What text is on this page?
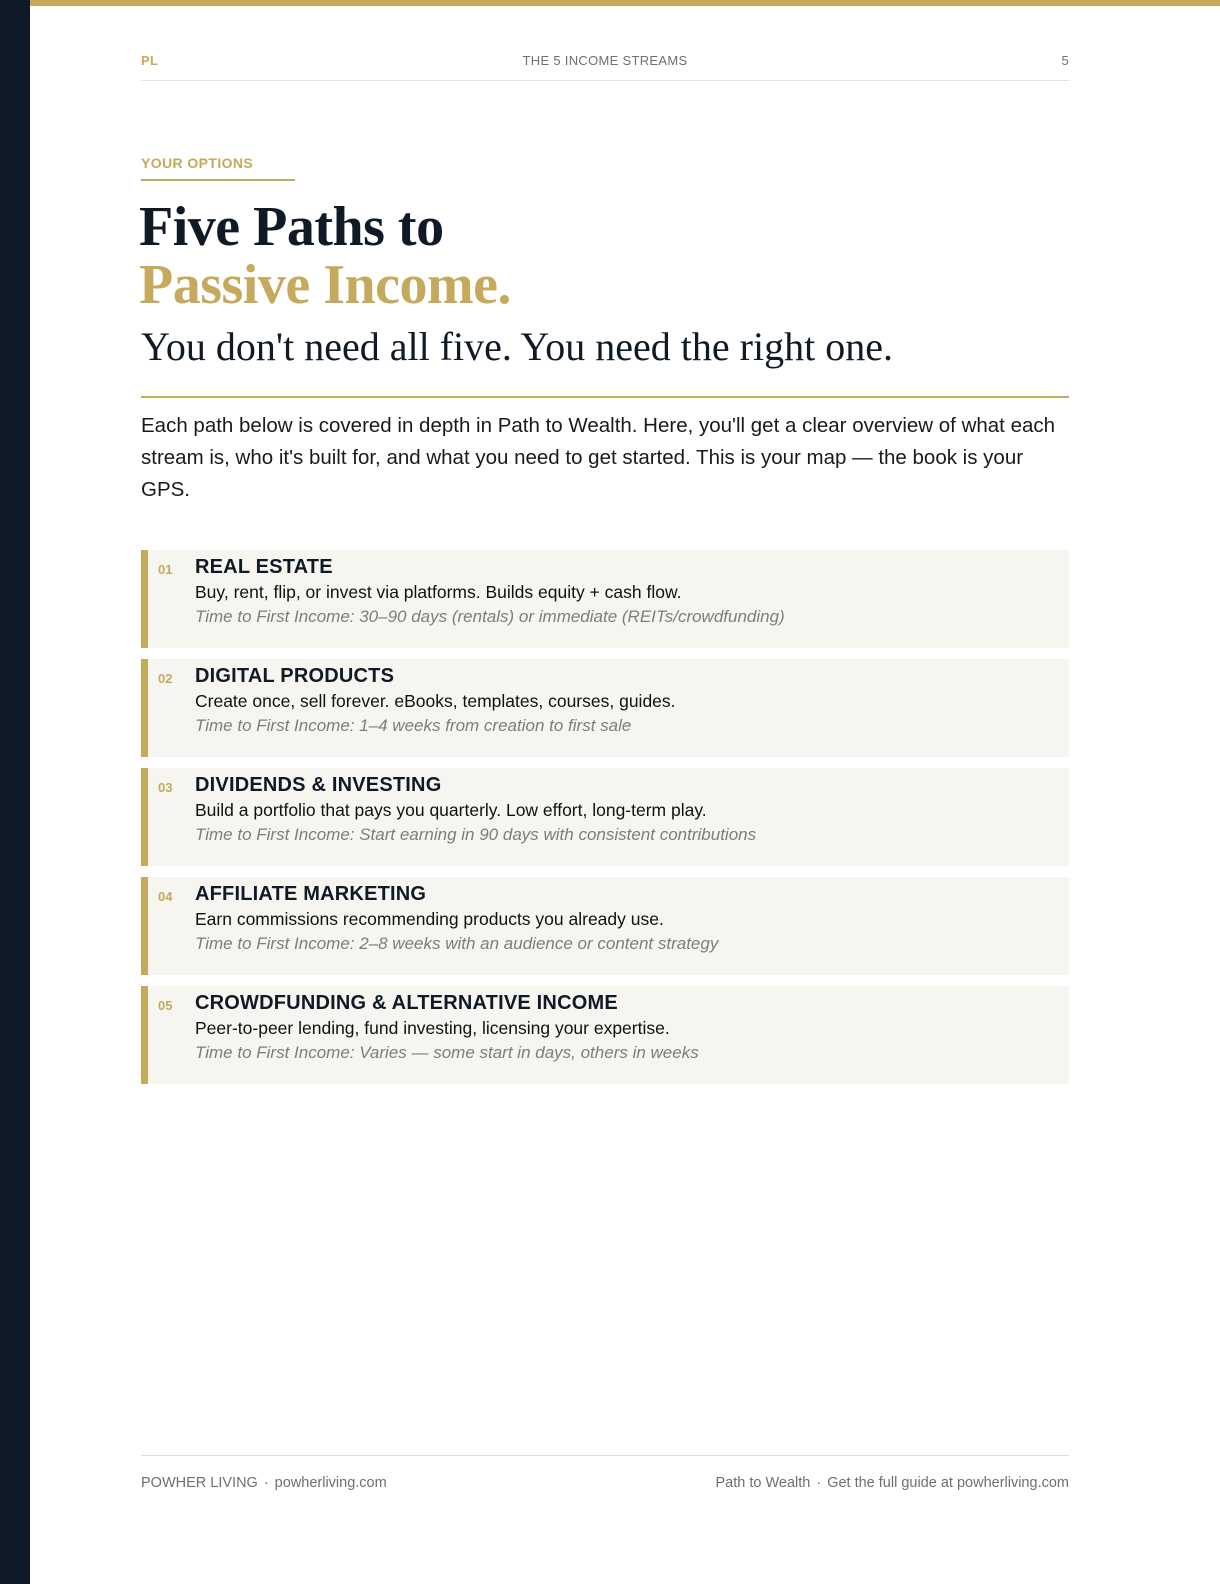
PL	THE 5 INCOME STREAMS	5
YOUR OPTIONS
Five Paths to
Passive Income.
You don't need all five. You need the right one.

Each path below is covered in depth in Path to Wealth. Here, you'll get a clear overview of what each stream is, who it's built for, and what you need to get started. This is your map — the book is your GPS.

01 REAL ESTATE
Buy, rent, flip, or invest via platforms. Builds equity + cash flow.
Time to First Income: 30–90 days (rentals) or immediate (REITs/crowdfunding)
02 DIGITAL PRODUCTS
Create once, sell forever. eBooks, templates, courses, guides.
Time to First Income: 1–4 weeks from creation to first sale
03 DIVIDENDS & INVESTING
Build a portfolio that pays you quarterly. Low effort, long-term play.
Time to First Income: Start earning in 90 days with consistent contributions
04 AFFILIATE MARKETING
Earn commissions recommending products you already use.
Time to First Income: 2–8 weeks with an audience or content strategy
05 CROWDFUNDING & ALTERNATIVE INCOME
Peer-to-peer lending, fund investing, licensing your expertise.
Time to First Income: Varies — some start in days, others in weeks
POWHER LIVING · powherliving.com	Path to Wealth · Get the full guide at powherliving.com
